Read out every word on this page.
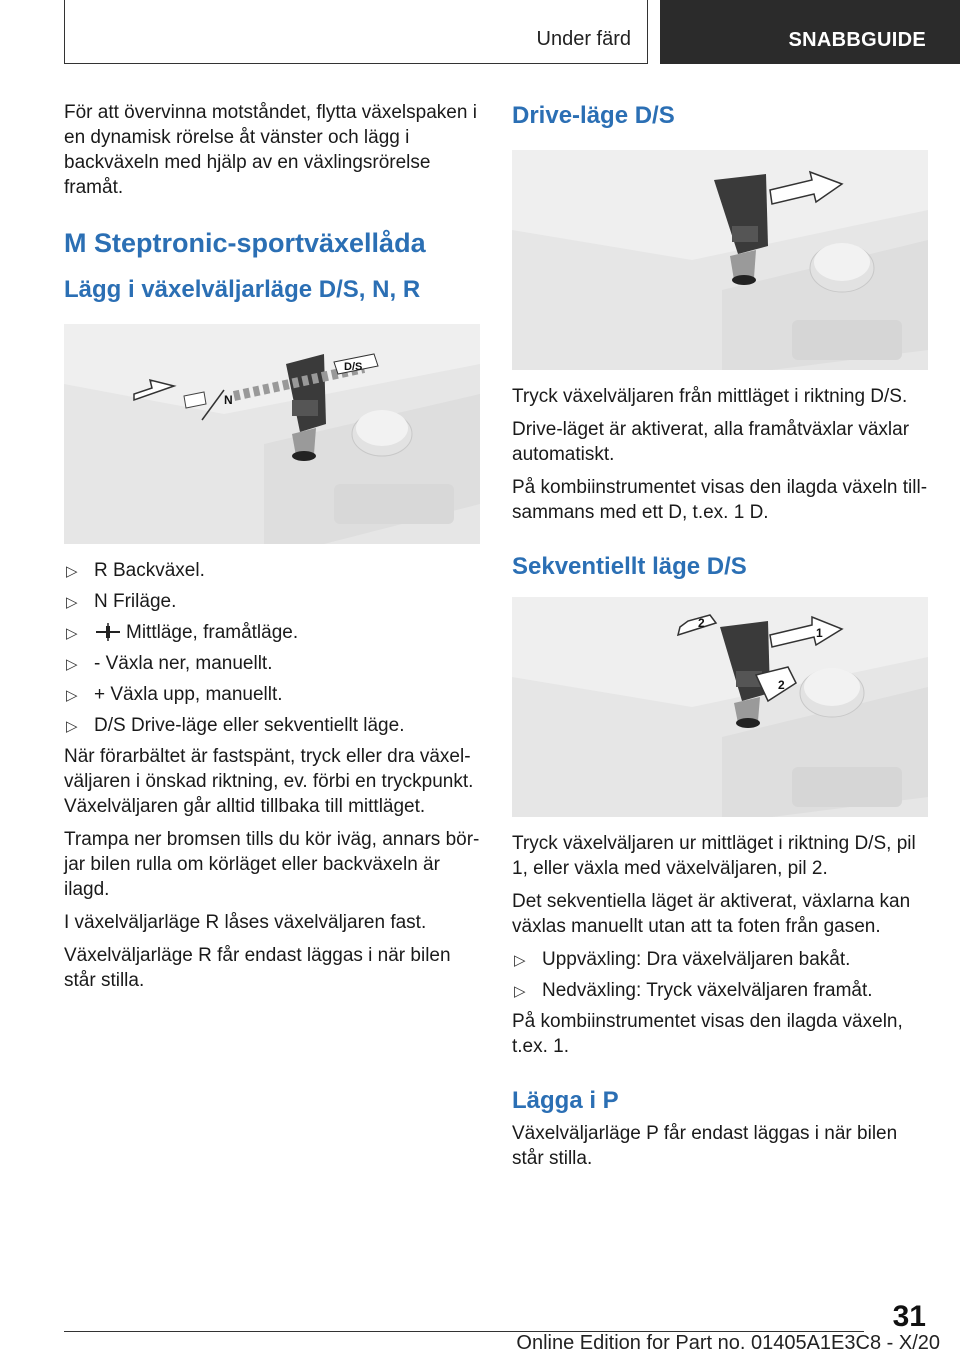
Under färd	SNABBGUIDE

För att övervinna motståndet, flytta växelspaken i en dynamisk rörelse åt vänster och lägg i backväxeln med hjälp av en växlingsrörelse framåt.

M Steptronic-sportväxellåda
Lägg i växelväljarläge D/S, N, R
N
D/S
▷ R Backväxel.
▷ N Friläge.
▷	Mittläge, framåtläge.
▷ - Växla ner, manuellt.
▷ + Växla upp, manuellt.
▷ D/S Drive-läge eller sekventiellt läge.

När förarbältet är fastspänt, tryck eller dra växelväljaren i önskad riktning, ev. förbi en tryckpunkt. Växelväljaren går alltid tillbaka till mittläget.

Trampa ner bromsen tills du kör iväg, annars börjar bilen rulla om körläget eller backväxeln är ilagd.

I växelväljarläge R låses växelväljaren fast.

Växelväljarläge R får endast läggas i när bilen står stilla.

Drive-läge D/S

Tryck växelväljaren från mittläget i riktning D/S.

Drive-läget är aktiverat, alla framåtväxlar växlar automatiskt.

På kombiinstrumentet visas den ilagda växeln tillsammans med ett D, t.ex. 1 D.

Sekventiellt läge D/S
2
1
2

Tryck växelväljaren ur mittläget i riktning D/S, pil 1, eller växla med växelväljaren, pil 2.

Det sekventiella läget är aktiverat, växlarna kan växlas manuellt utan att ta foten från gasen.

▷ Uppväxling: Dra växelväljaren bakåt.
▷ Nedväxling: Tryck växelväljaren framåt.

På kombiinstrumentet visas den ilagda växeln, t.ex. 1.

Lägga i P

Växelväljarläge P får endast läggas i när bilen står stilla.

31
Online Edition for Part no. 01405A1E3C8 - X/20
